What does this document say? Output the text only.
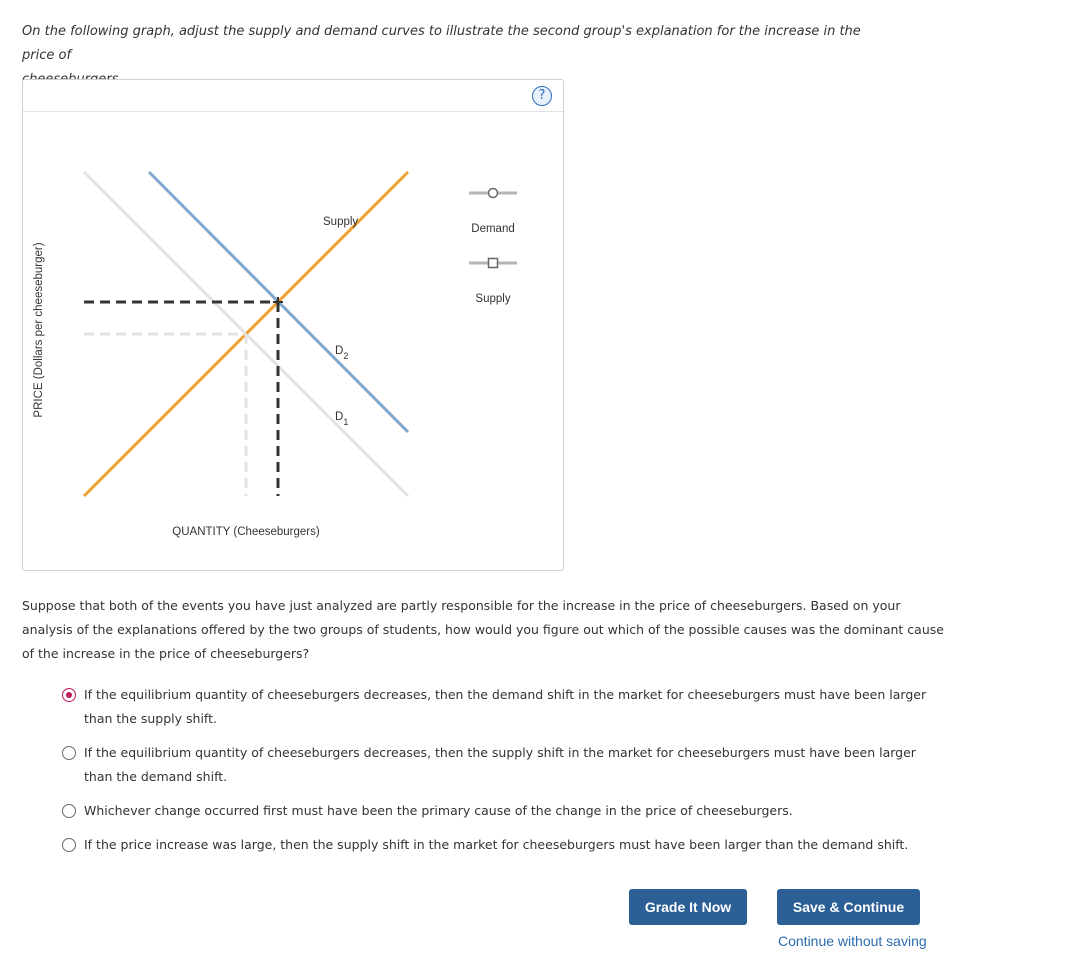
On the following graph, adjust the supply and demand curves to illustrate the second group's explanation for the increase in the price of

?
PRICE (Dollars per cheeseburger)
Supply
$D_2$
$D_1$
QUANTITY (Cheeseburgers)
Demand
Supply
Suppose that both of the events you have just analyzed are partly responsible for the increase in the price of cheeseburgers. Based on your analysis of the explanations offered by the two groups of students, how would you figure out which of the possible causes was the dominant cause of the increase in the price of cheeseburgers?
If the equilibrium quantity of cheeseburgers decreases, then the demand shift in the market for cheeseburgers must have been larger than the supply shift.
If the equilibrium quantity of cheeseburgers decreases, then the supply shift in the market for cheeseburgers must have been larger than the demand shift.
Whichever change occurred first must have been the primary cause of the change in the price of cheeseburgers.
If the price increase was large, then the supply shift in the market for cheeseburgers must have been larger than the demand shift.
Grade It Now	Save & Continue
Continue without saving
